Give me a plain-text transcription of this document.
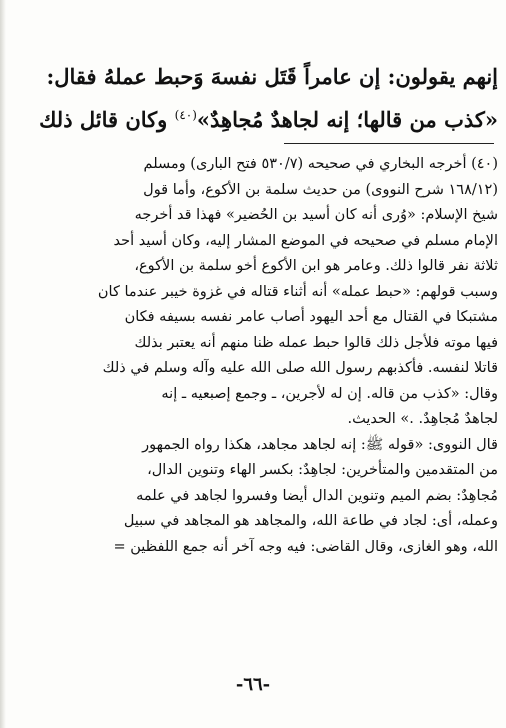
إنهم يقولون: إن عامراً قَتَل نفسهَ وَحبط عملهُ فقال:
«كذب من قالها؛ إنه لجاهدٌ مُجاهِدٌ»$^{(٤٠)}$ وكان قائل ذلك
(٤٠) أخرجه البخاري في صحيحه (٥٣٠/٧ فتح البارى) ومسلم
(١٦٨/١٢ شرح النووى) من حديث سلمة بن الأكوع، وأما قول
شيخ الإسلام: «وُرى أنه كان أسيد بن الحُضير» فهذا قد أخرجه
الإمام مسلم في صحيحه في الموضع المشار إليه، وكان أسيد أحد
ثلاثة نفر قالوا ذلك. وعامر هو ابن الأكوع أخو سلمة بن الأكوع،
وسبب قولهم: «حبط عمله» أنه أثناء قتاله في غزوة خيبر عندما كان
مشتبكا في القتال مع أحد اليهود أصاب عامر نفسه بسيفه فكان
فيها موته فلأجل ذلك قالوا حبط عمله ظنا منهم أنه يعتبر بذلك
قاتلا لنفسه. فأكذبهم رسول الله صلى الله عليه وآله وسلم في ذلك
وقال: «كذب من قاله. إن له لأجرين، ـ وجمع إصبعيه ـ إنه
لجاهدٌ مُجاهِدٌ. .» الحديث.
قال النووى: «قوله ﷺ: إنه لجاهد مجاهد، هكذا رواه الجمهور
من المتقدمين والمتأخرين: لجاهِدٌ: بكسر الهاء وتنوين الدال،
مُجاهِدٌ: بضم الميم وتنوين الدال أيضا وفسروا لجاهد في علمه
وعمله، أى: لجاد في طاعة الله، والمجاهد هو المجاهد في سبيل
الله، وهو الغازى، وقال القاضى: فيه وجه آخر أنه جمع اللفظين =
-٦٦-
